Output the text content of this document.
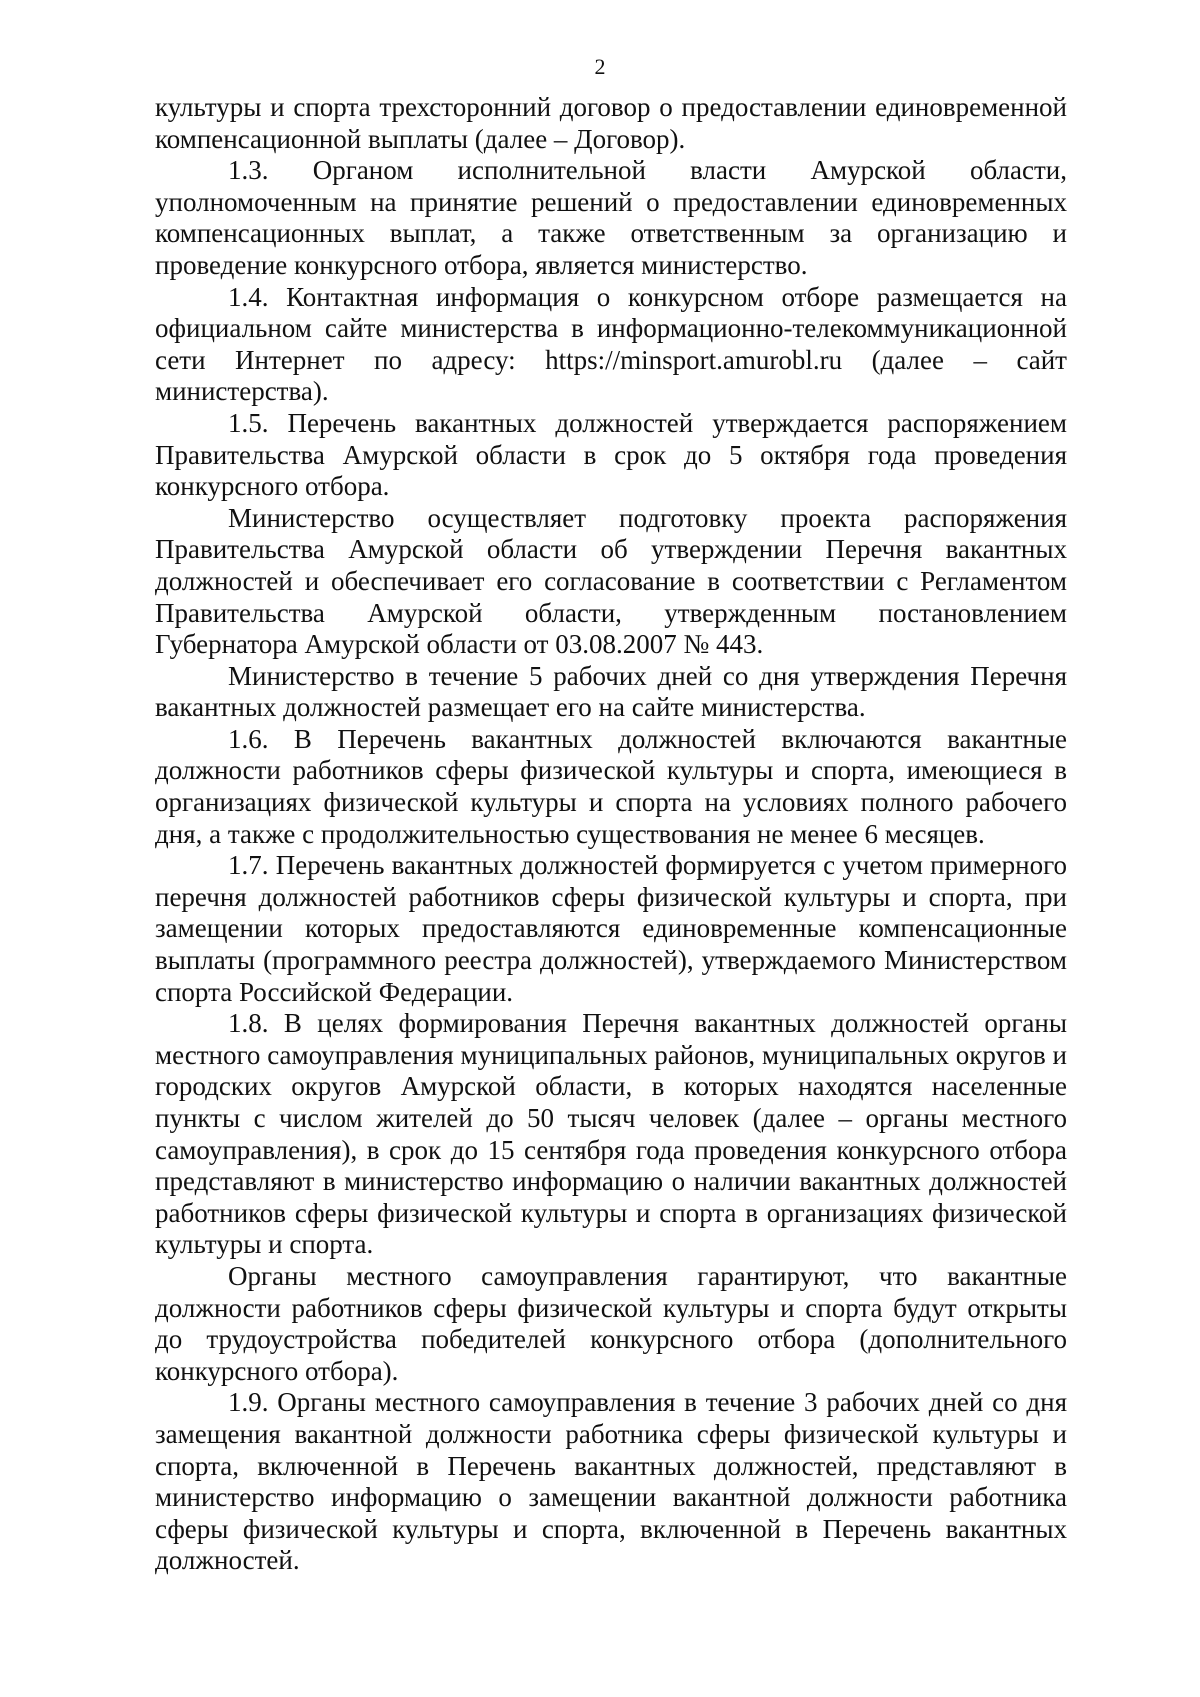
2

культуры и спорта трехсторонний договор о предоставлении единовременной компенсационной выплаты (далее – Договор).

1.3. Органом исполнительной власти Амурской области, уполномоченным на принятие решений о предоставлении единовременных компенсационных выплат, а также ответственным за организацию и проведение конкурсного отбора, является министерство.

1.4. Контактная информация о конкурсном отборе размещается на официальном сайте министерства в информационно-телекоммуникационной сети Интернет по адресу: https://minsport.amurobl.ru (далее – сайт министерства).

1.5. Перечень вакантных должностей утверждается распоряжением Правительства Амурской области в срок до 5 октября года проведения конкурсного отбора.

Министерство осуществляет подготовку проекта распоряжения Правительства Амурской области об утверждении Перечня вакантных должностей и обеспечивает его согласование в соответствии с Регламентом Правительства Амурской области, утвержденным постановлением Губернатора Амурской области от 03.08.2007 № 443.

Министерство в течение 5 рабочих дней со дня утверждения Перечня вакантных должностей размещает его на сайте министерства.

1.6. В Перечень вакантных должностей включаются вакантные должности работников сферы физической культуры и спорта, имеющиеся в организациях физической культуры и спорта на условиях полного рабочего дня, а также с продолжительностью существования не менее 6 месяцев.

1.7. Перечень вакантных должностей формируется с учетом примерного перечня должностей работников сферы физической культуры и спорта, при замещении которых предоставляются единовременные компенсационные выплаты (программного реестра должностей), утверждаемого Министерством спорта Российской Федерации.

1.8. В целях формирования Перечня вакантных должностей органы местного самоуправления муниципальных районов, муниципальных округов и городских округов Амурской области, в которых находятся населенные пункты с числом жителей до 50 тысяч человек (далее – органы местного самоуправления), в срок до 15 сентября года проведения конкурсного отбора представляют в министерство информацию о наличии вакантных должностей работников сферы физической культуры и спорта в организациях физической культуры и спорта.

Органы местного самоуправления гарантируют, что вакантные должности работников сферы физической культуры и спорта будут открыты до трудоустройства победителей конкурсного отбора (дополнительного конкурсного отбора).

1.9. Органы местного самоуправления в течение 3 рабочих дней со дня замещения вакантной должности работника сферы физической культуры и спорта, включенной в Перечень вакантных должностей, представляют в министерство информацию о замещении вакантной должности работника сферы физической культуры и спорта, включенной в Перечень вакантных должностей.
